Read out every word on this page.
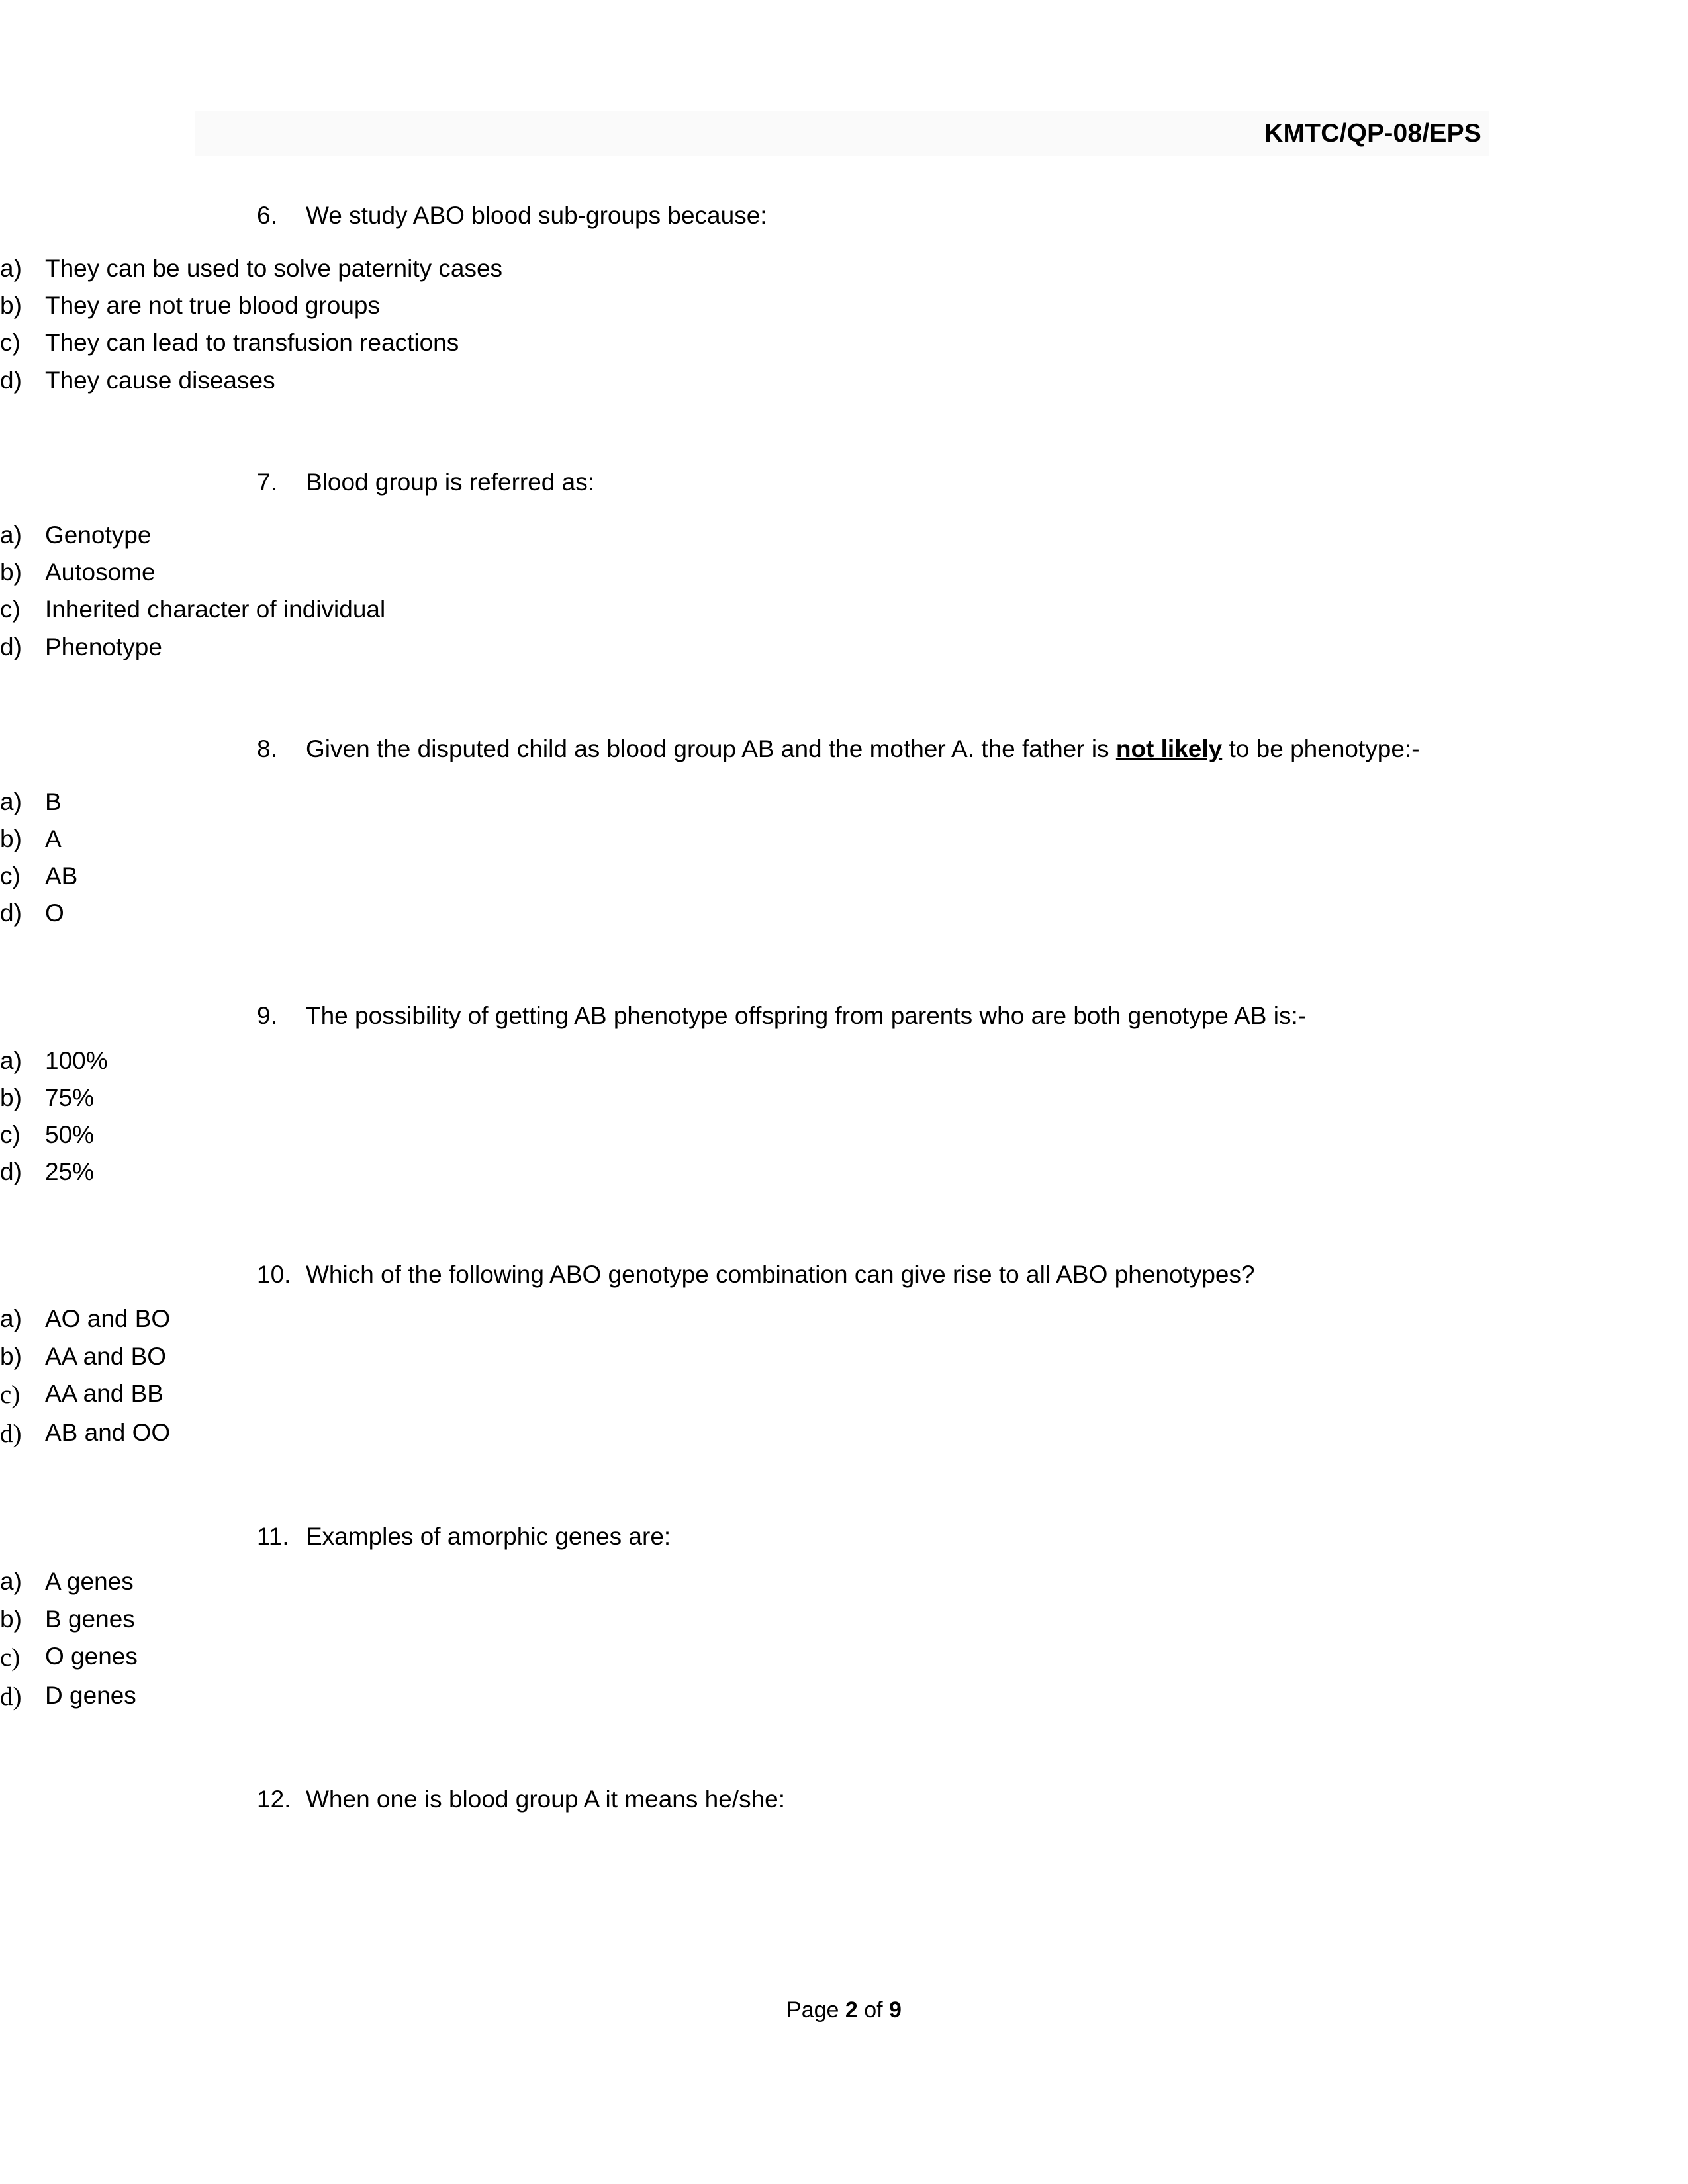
KMTC/QP-08/EPS
6.	We study ABO blood sub-groups because:
a) They can be used to solve paternity cases
b) They are not true blood groups
c)	They can lead to transfusion reactions
d) They cause diseases
7.	Blood group is referred as:
a) Genotype
b) Autosome
c)	Inherited character of individual
d) Phenotype
8.	Given the disputed child as blood group AB and the mother A. the father is not likely to be phenotype:-
a) B
b) A
c)	AB
d) O
9.	The possibility of getting AB phenotype offspring from parents who are both genotype AB is:-
a) 100%
b) 75%
c)	50%
d) 25%
10. Which of the following ABO genotype combination can give rise to all ABO phenotypes?
a) AO and BO
b) AA and BO
c)	AA and BB
d) AB and OO
11. Examples of amorphic genes are:
a) A genes
b) B genes
c)	O genes
d) D genes
12. When one is blood group A it means he/she:
Page 2 of 9
